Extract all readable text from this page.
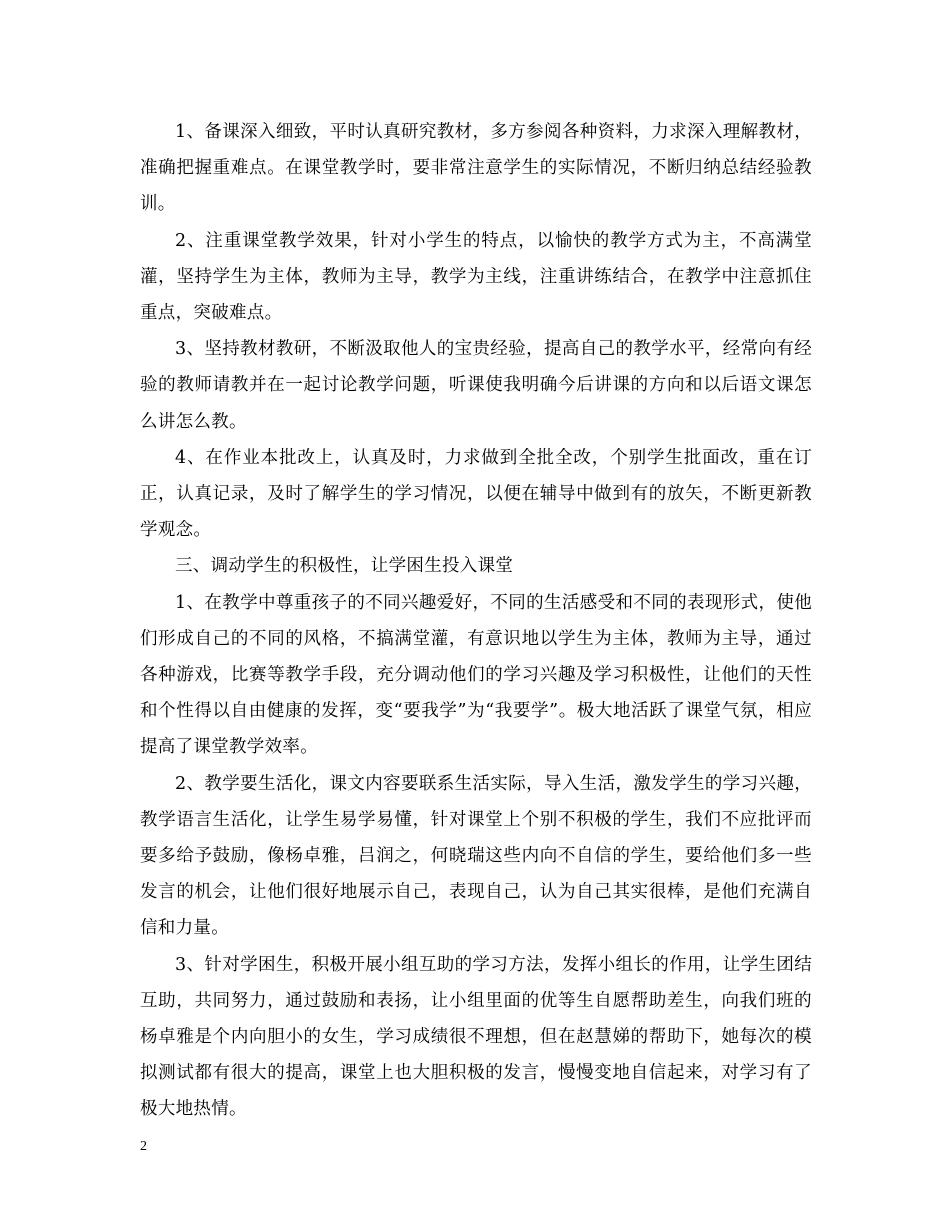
1、备课深入细致，平时认真研究教材，多方参阅各种资料，力求深入理解教材，准确把握重难点。在课堂教学时，要非常注意学生的实际情况，不断归纳总结经验教训。

2、注重课堂教学效果，针对小学生的特点，以愉快的教学方式为主，不高满堂灌，坚持学生为主体，教师为主导，教学为主线，注重讲练结合，在教学中注意抓住重点，突破难点。

3、坚持教材教研，不断汲取他人的宝贵经验，提高自己的教学水平，经常向有经验的教师请教并在一起讨论教学问题，听课使我明确今后讲课的方向和以后语文课怎么讲怎么教。

4、在作业本批改上，认真及时，力求做到全批全改，个别学生批面改，重在订正，认真记录，及时了解学生的学习情况，以便在辅导中做到有的放矢，不断更新教学观念。

三、调动学生的积极性，让学困生投入课堂

1、在教学中尊重孩子的不同兴趣爱好，不同的生活感受和不同的表现形式，使他们形成自己的不同的风格，不搞满堂灌，有意识地以学生为主体，教师为主导，通过各种游戏，比赛等教学手段，充分调动他们的学习兴趣及学习积极性，让他们的天性和个性得以自由健康的发挥，变“要我学”为“我要学”。极大地活跃了课堂气氛，相应提高了课堂教学效率。

2、教学要生活化，课文内容要联系生活实际，导入生活，激发学生的学习兴趣，教学语言生活化，让学生易学易懂，针对课堂上个别不积极的学生，我们不应批评而要多给予鼓励，像杨卓雅，吕润之，何晓瑞这些内向不自信的学生，要给他们多一些发言的机会，让他们很好地展示自己，表现自己，认为自己其实很棒，是他们充满自信和力量。

3、针对学困生，积极开展小组互助的学习方法，发挥小组长的作用，让学生团结互助，共同努力，通过鼓励和表扬，让小组里面的优等生自愿帮助差生，向我们班的杨卓雅是个内向胆小的女生，学习成绩很不理想，但在赵慧娣的帮助下，她每次的模拟测试都有很大的提高，课堂上也大胆积极的发言，慢慢变地自信起来，对学习有了极大地热情。

2
